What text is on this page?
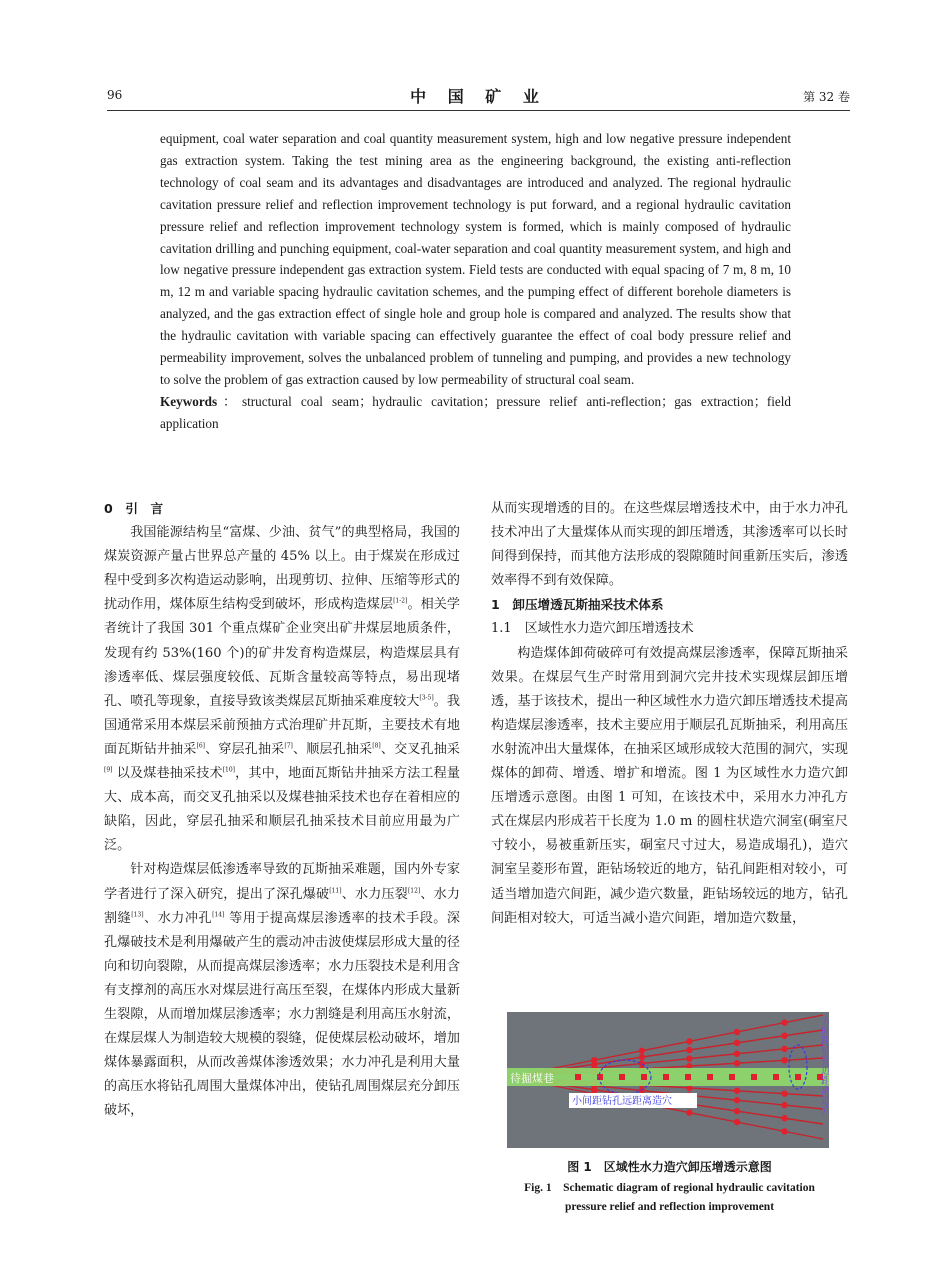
96	中 国 矿 业	第 32 卷

equipment, coal water separation and coal quantity measurement system, high and low negative pressure independent gas extraction system. Taking the test mining area as the engineering background, the existing anti-reflection technology of coal seam and its advantages and disadvantages are introduced and analyzed. The regional hydraulic cavitation pressure relief and reflection improvement technology is put forward, and a regional hydraulic cavitation pressure relief and reflection improvement technology system is formed, which is mainly composed of hydraulic cavitation drilling and punching equipment, coal-water separation and coal quantity measurement system, and high and low negative pressure independent gas extraction system. Field tests are conducted with equal spacing of 7 m, 8 m, 10 m, 12 m and variable spacing hydraulic cavitation schemes, and the pumping effect of different borehole diameters is analyzed, and the gas extraction effect of single hole and group hole is compared and analyzed. The results show that the hydraulic cavitation with variable spacing can effectively guarantee the effect of coal body pressure relief and permeability improvement, solves the unbalanced problem of tunneling and pumping, and provides a new technology to solve the problem of gas extraction caused by low permeability of structural coal seam.

Keywords：structural coal seam；hydraulic cavitation；pressure relief anti-reflection；gas extraction；field application

0　引　言

我国能源结构呈“富煤、少油、贫气”的典型格局，我国的煤炭资源产量占世界总产量的 45% 以上。由于煤炭在形成过程中受到多次构造运动影响，出现剪切、拉伸、压缩等形式的扰动作用，煤体原生结构受到破坏，形成构造煤层[1-2]。相关学者统计了我国 301 个重点煤矿企业突出矿井煤层地质条件，发现有约 53%(160 个)的矿井发育构造煤层，构造煤层具有渗透率低、煤层强度较低、瓦斯含量较高等特点，易出现堵孔、喷孔等现象，直接导致该类煤层瓦斯抽采难度较大[3-5]。我国通常采用本煤层采前预抽方式治理矿井瓦斯，主要技术有地面瓦斯钻井抽采[6]、穿层孔抽采[7]、顺层孔抽采[8]、交叉孔抽采[9] 以及煤巷抽采技术[10]，其中，地面瓦斯钻井抽采方法工程量大、成本高，而交叉孔抽采以及煤巷抽采技术也存在着相应的缺陷，因此，穿层孔抽采和顺层孔抽采技术目前应用最为广泛。

针对构造煤层低渗透率导致的瓦斯抽采难题，国内外专家学者进行了深入研究，提出了深孔爆破[11]、水力压裂[12]、水力割缝[13]、水力冲孔[14] 等用于提高煤层渗透率的技术手段。深孔爆破技术是利用爆破产生的震动冲击波使煤层形成大量的径向和切向裂隙，从而提高煤层渗透率；水力压裂技术是利用含有支撑剂的高压水对煤层进行高压至裂，在煤体内形成大量新生裂隙，从而增加煤层渗透率；水力割缝是利用高压水射流，在煤层煤人为制造较大规模的裂缝，促使煤层松动破坏，增加煤体暴露面积，从而改善煤体渗透效果；水力冲孔是利用大量的高压水将钻孔周围大量煤体冲出，使钻孔周围煤层充分卸压破坏，

从而实现增透的目的。在这些煤层增透技术中，由于水力冲孔技术冲出了大量煤体从而实现的卸压增透，其渗透率可以长时间得到保持，而其他方法形成的裂隙随时间重新压实后，渗透效率得不到有效保障。

1　卸压增透瓦斯抽采技术体系

1.1　区域性水力造穴卸压增透技术

构造煤体卸荷破碎可有效提高煤层渗透率，保障瓦斯抽采效果。在煤层气生产时常用到洞穴完井技术实现煤层卸压增透，基于该技术，提出一种区域性水力造穴卸压增透技术提高构造煤层渗透率，技术主要应用于顺层孔瓦斯抽采，利用高压水射流冲出大量煤体，在抽采区域形成较大范围的洞穴，实现煤体的卸荷、增透、增扩和增流。图 1 为区域性水力造穴卸压增透示意图。由图 1 可知，在该技术中，采用水力冲孔方式在煤层内形成若干长度为 1.0 m 的圆柱状造穴洞室(硐室尺寸较小，易被重新压实，硐室尺寸过大，易造成塌孔)，造穴洞室呈菱形布置，距钻场较近的地方，钻孔间距相对较小，可适当增加造穴间距，减少造穴数量，距钻场较远的地方，钻孔间距相对较大，可适当减小造穴间距，增加造穴数量，

待掘煤巷
小间距钻孔远距离造穴	大间距钻孔近距离造穴
图 1　区域性水力造穴卸压增透示意图
Fig. 1　Schematic diagram of regional hydraulic cavitation
pressure relief and reflection improvement
